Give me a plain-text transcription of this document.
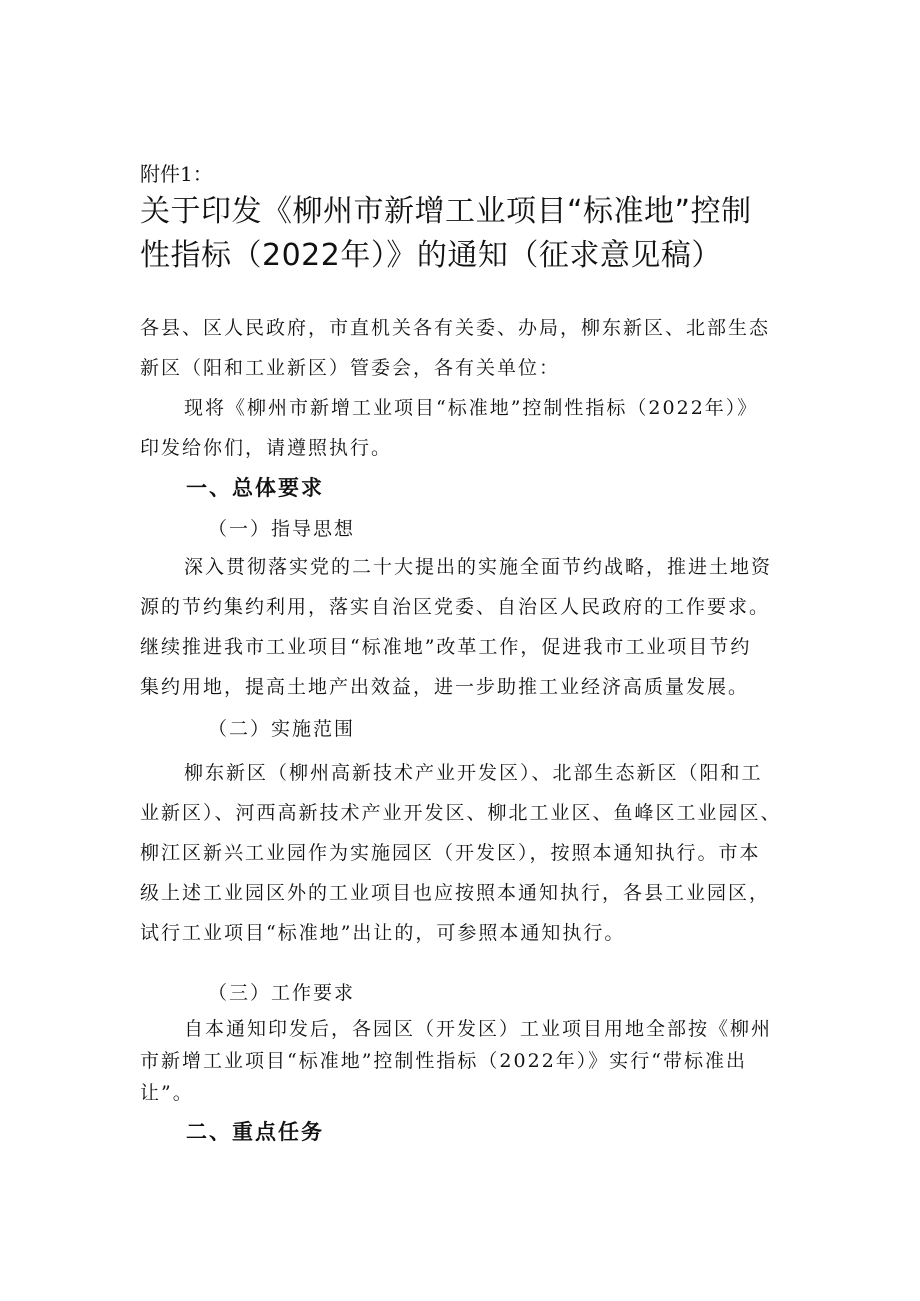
附件1：
关于印发《柳州市新增工业项目“标准地”控制
性指标（2022年）》的通知（征求意见稿）
各县、区人民政府，市直机关各有关委、办局，柳东新区、北部生态
新区（阳和工业新区）管委会，各有关单位：
现将《柳州市新增工业项目“标准地”控制性指标（2022年）》
印发给你们，请遵照执行。
一、总体要求
（一）指导思想
深入贯彻落实党的二十大提出的实施全面节约战略，推进土地资
源的节约集约利用，落实自治区党委、自治区人民政府的工作要求。
继续推进我市工业项目“标准地”改革工作，促进我市工业项目节约
集约用地，提高土地产出效益，进一步助推工业经济高质量发展。
（二）实施范围
柳东新区（柳州高新技术产业开发区）、北部生态新区（阳和工
业新区）、河西高新技术产业开发区、柳北工业区、鱼峰区工业园区、
柳江区新兴工业园作为实施园区（开发区），按照本通知执行。市本
级上述工业园区外的工业项目也应按照本通知执行，各县工业园区，
试行工业项目“标准地”出让的，可参照本通知执行。
（三）工作要求
自本通知印发后，各园区（开发区）工业项目用地全部按《柳州
市新增工业项目“标准地”控制性指标（2022年）》实行“带标准出
让”。
二、重点任务
